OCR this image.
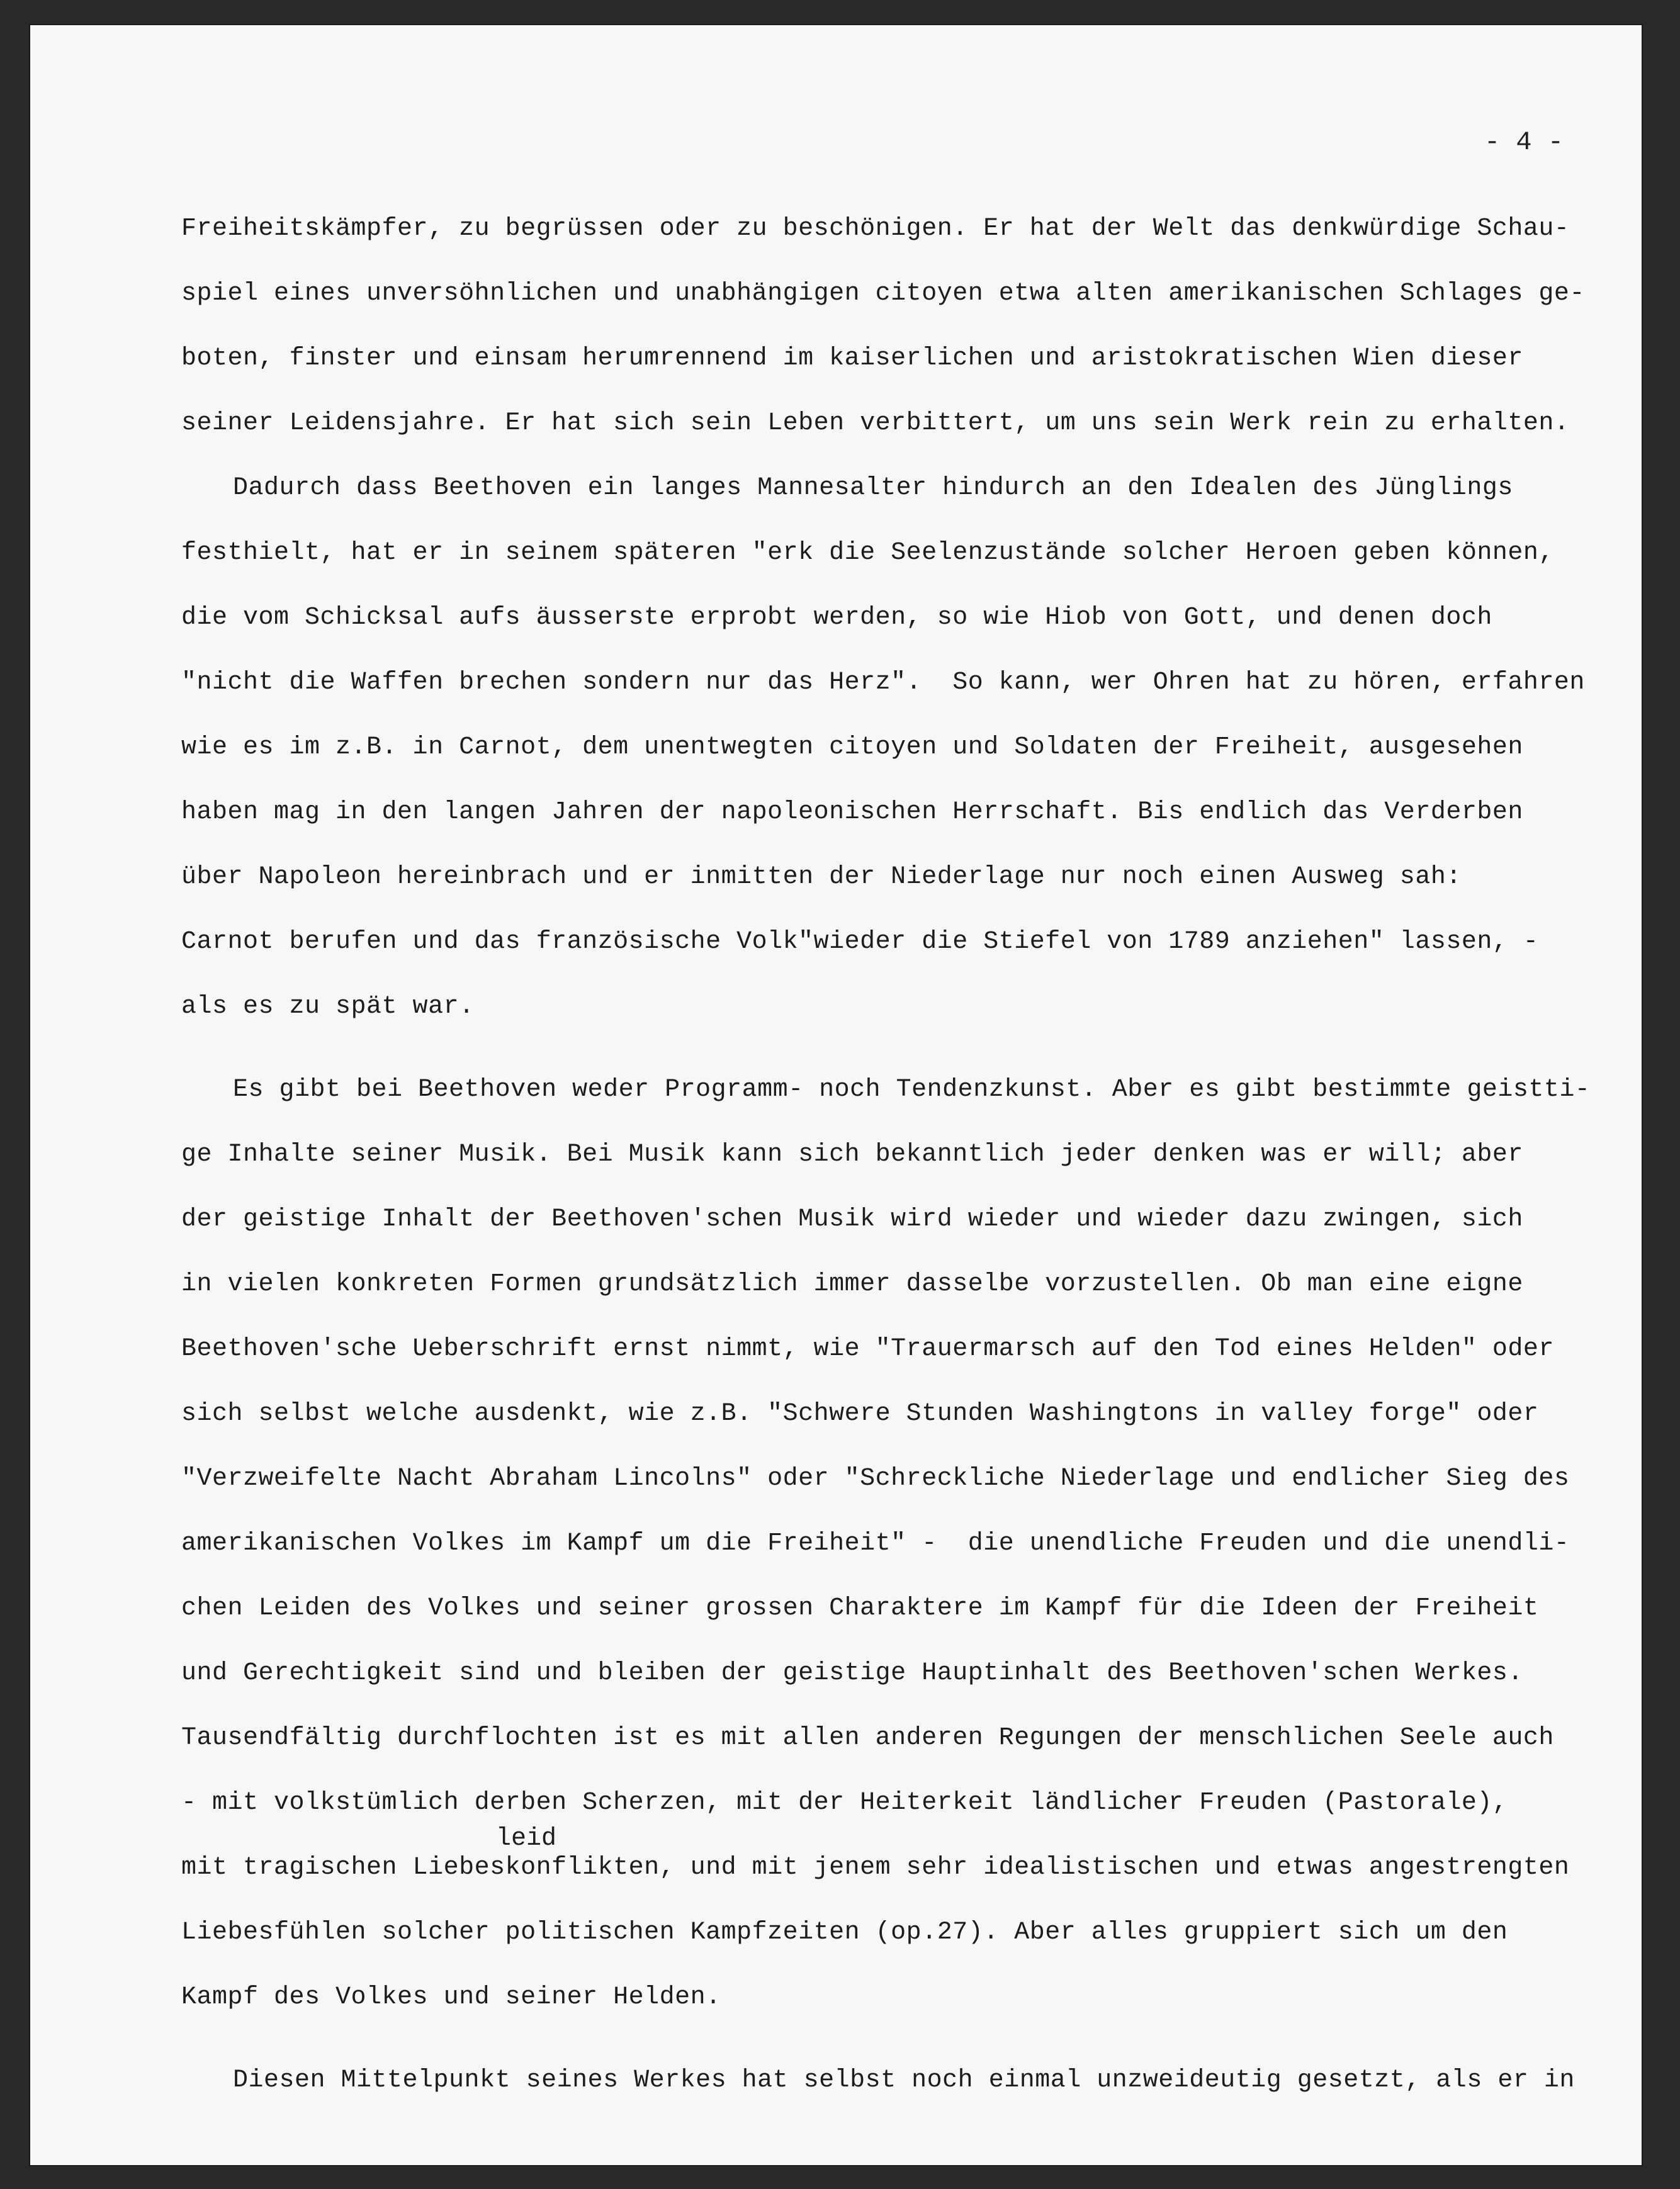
- 4 -
Freiheitskämpfer, zu begrüssen oder zu beschönigen. Er hat der Welt das denkwürdige Schau-
spiel eines unversöhnlichen und unabhängigen citoyen etwa alten amerikanischen Schlages ge-
boten, finster und einsam herumrennend im kaiserlichen und aristokratischen Wien dieser
seiner Leidensjahre. Er hat sich sein Leben verbittert, um uns sein Werk rein zu erhalten.
Dadurch dass Beethoven ein langes Mannesalter hindurch an den Idealen des Jünglings
festhielt, hat er in seinem späteren "erk die Seelenzustände solcher Heroen geben können,
die vom Schicksal aufs äusserste erprobt werden, so wie Hiob von Gott, und denen doch
"nicht die Waffen brechen sondern nur das Herz".  So kann, wer Ohren hat zu hören, erfahren
wie es im z.B. in Carnot, dem unentwegten citoyen und Soldaten der Freiheit, ausgesehen
haben mag in den langen Jahren der napoleonischen Herrschaft. Bis endlich das Verderben
über Napoleon hereinbrach und er inmitten der Niederlage nur noch einen Ausweg sah:
Carnot berufen und das französische Volk"wieder die Stiefel von 1789 anziehen" lassen, -
als es zu spät war.
Es gibt bei Beethoven weder Programm- noch Tendenzkunst. Aber es gibt bestimmte geistti-
ge Inhalte seiner Musik. Bei Musik kann sich bekanntlich jeder denken was er will; aber
der geistige Inhalt der Beethoven'schen Musik wird wieder und wieder dazu zwingen, sich
in vielen konkreten Formen grundsätzlich immer dasselbe vorzustellen. Ob man eine eigne
Beethoven'sche Ueberschrift ernst nimmt, wie "Trauermarsch auf den Tod eines Helden" oder
sich selbst welche ausdenkt, wie z.B. "Schwere Stunden Washingtons in valley forge" oder
"Verzweifelte Nacht Abraham Lincolns" oder "Schreckliche Niederlage und endlicher Sieg des
amerikanischen Volkes im Kampf um die Freiheit" -  die unendliche Freuden und die unendli-
chen Leiden des Volkes und seiner grossen Charaktere im Kampf für die Ideen der Freiheit
und Gerechtigkeit sind und bleiben der geistige Hauptinhalt des Beethoven'schen Werkes.
Tausendfältig durchflochten ist es mit allen anderen Regungen der menschlichen Seele auch
- mit volkstümlich derben Scherzen, mit der Heiterkeit ländlicher Freuden (Pastorale),
leid
mit tragischen Liebeskonflikten, und mit jenem sehr idealistischen und etwas angestrengten
Liebesfühlen solcher politischen Kampfzeiten (op.27). Aber alles gruppiert sich um den
Kampf des Volkes und seiner Helden.
Diesen Mittelpunkt seines Werkes hat selbst noch einmal unzweideutig gesetzt, als er in
